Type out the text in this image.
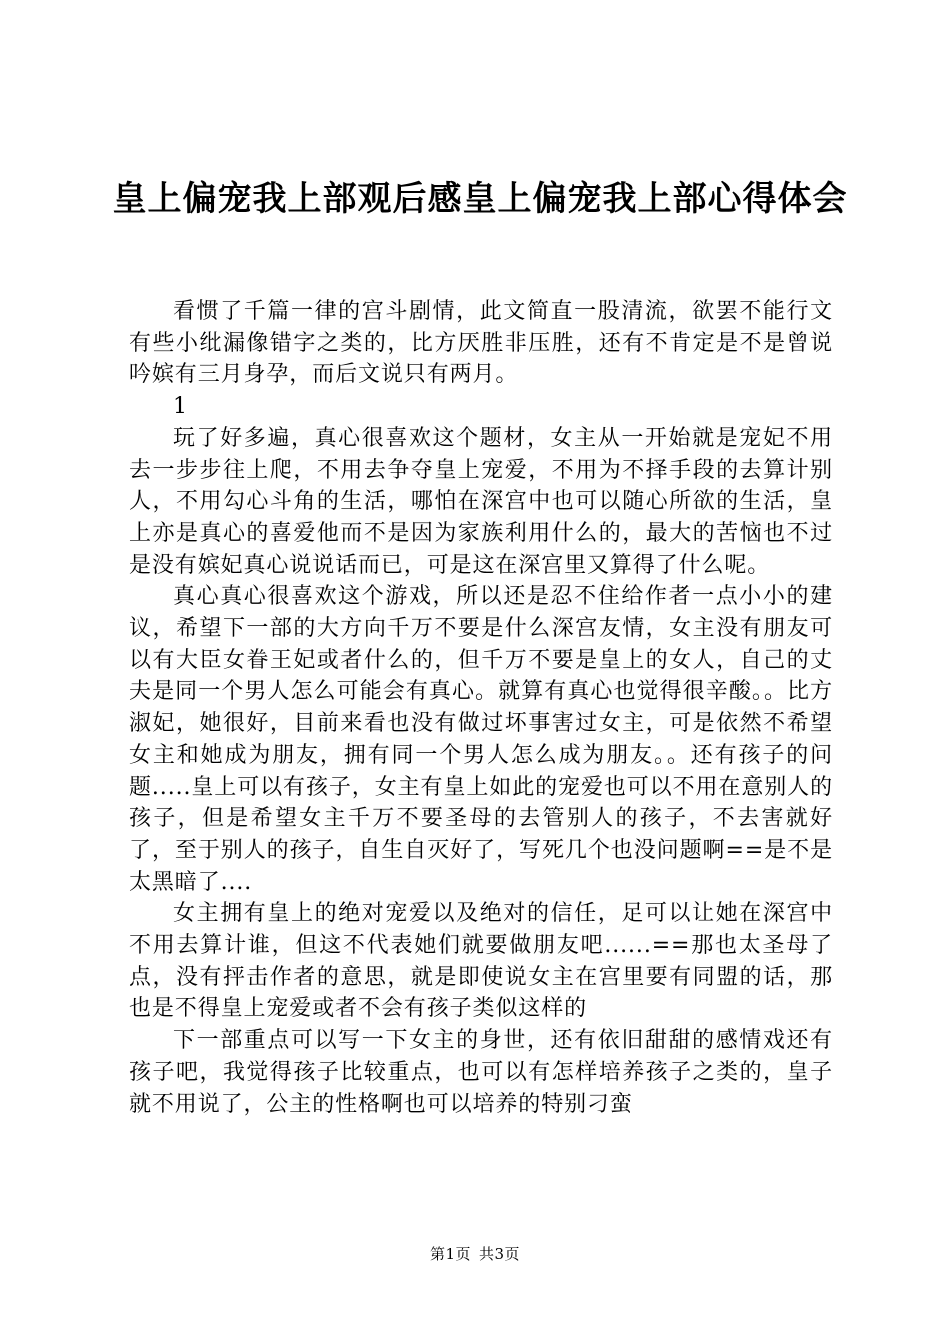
皇上偏宠我上部观后感皇上偏宠我上部心得体会

看惯了千篇一律的宫斗剧情，此文简直一股清流，欲罢不能行文有些小纰漏像错字之类的，比方厌胜非压胜，还有不肯定是不是曾说吟嫔有三月身孕，而后文说只有两月。

1

玩了好多遍，真心很喜欢这个题材，女主从一开始就是宠妃不用去一步步往上爬，不用去争夺皇上宠爱，不用为不择手段的去算计别人，不用勾心斗角的生活，哪怕在深宫中也可以随心所欲的生活，皇上亦是真心的喜爱他而不是因为家族利用什么的，最大的苦恼也不过是没有嫔妃真心说说话而已，可是这在深宫里又算得了什么呢。

真心真心很喜欢这个游戏，所以还是忍不住给作者一点小小的建议，希望下一部的大方向千万不要是什么深宫友情，女主没有朋友可以有大臣女眷王妃或者什么的，但千万不要是皇上的女人，自己的丈夫是同一个男人怎么可能会有真心。就算有真心也觉得很辛酸。。比方淑妃，她很好，目前来看也没有做过坏事害过女主，可是依然不希望女主和她成为朋友，拥有同一个男人怎么成为朋友。。还有孩子的问题.....皇上可以有孩子，女主有皇上如此的宠爱也可以不用在意别人的孩子，但是希望女主千万不要圣母的去管别人的孩子，不去害就好了，至于别人的孩子，自生自灭好了，写死几个也没问题啊==是不是太黑暗了....

女主拥有皇上的绝对宠爱以及绝对的信任，足可以让她在深宫中不用去算计谁，但这不代表她们就要做朋友吧......==那也太圣母了点，没有抨击作者的意思，就是即使说女主在宫里要有同盟的话，那也是不得皇上宠爱或者不会有孩子类似这样的

下一部重点可以写一下女主的身世，还有依旧甜甜的感情戏还有孩子吧，我觉得孩子比较重点，也可以有怎样培养孩子之类的，皇子就不用说了，公主的性格啊也可以培养的特别刁蛮

第1页 共3页
